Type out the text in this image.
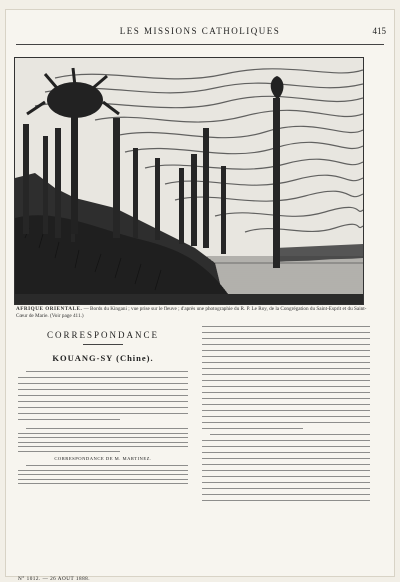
LES MISSIONS CATHOLIQUES	415
AFRIQUE ORIENTALE. — Bords du Kingani ; vue prise sur le fleuve ; d'après une photographie du R. P. Le Roy, de la Congrégation du Saint-Esprit et du Saint-Cœur de Marie. (Voir page 411.)
CORRESPONDANCE
KOUANG-SY (Chine).
CORRESPONDANCE DE M. MARTINEZ.
N° 1012. — 26 AOUT 1888.
